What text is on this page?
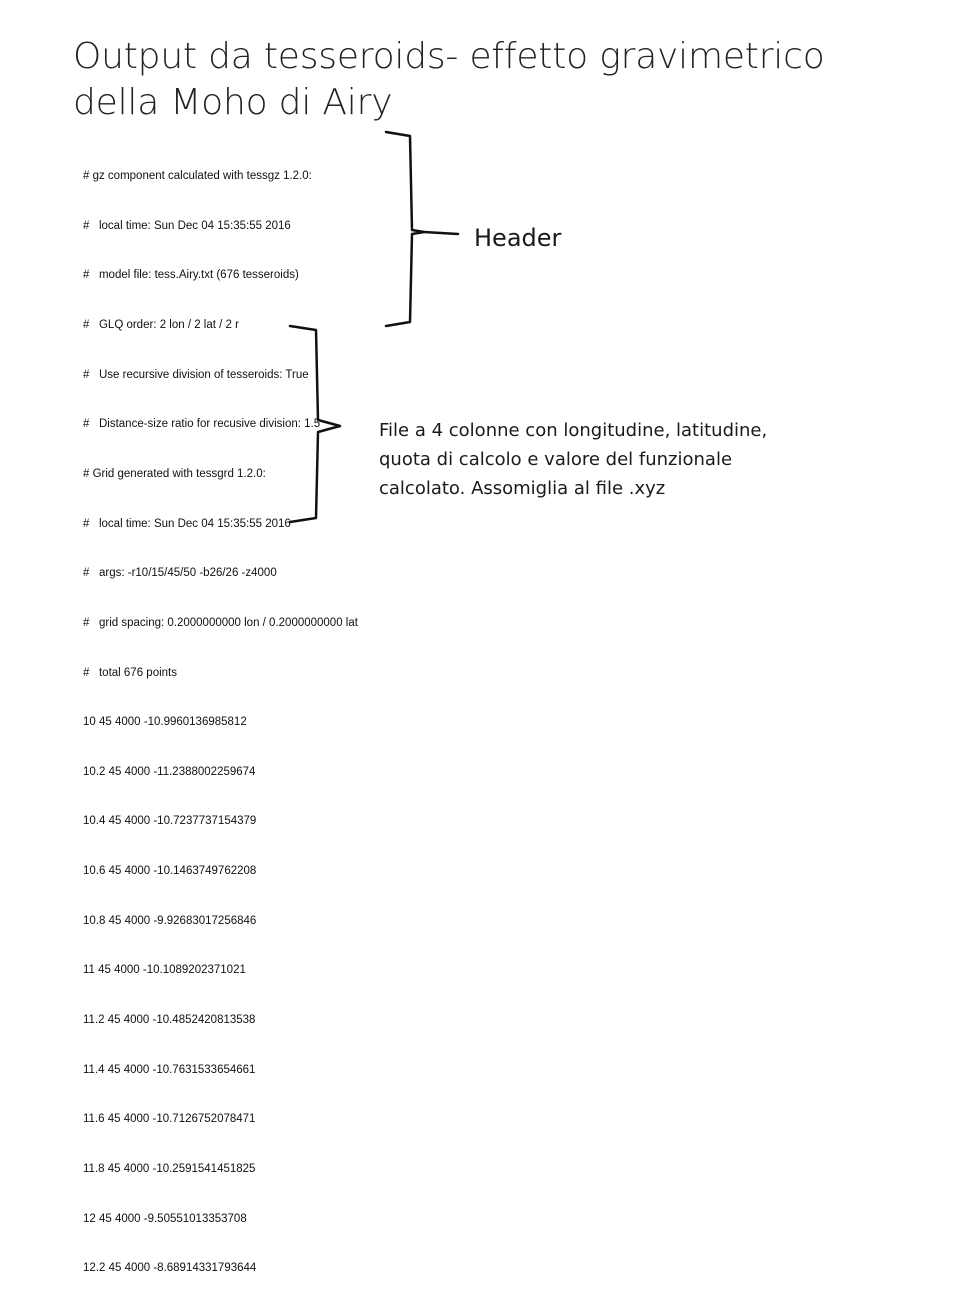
Output da tesseroids- effetto gravimetrico
della Moho di Airy

# gz component calculated with tessgz 1.2.0:

#   local time: Sun Dec 04 15:35:55 2016

#   model file: tess.Airy.txt (676 tesseroids)

#   GLQ order: 2 lon / 2 lat / 2 r

#   Use recursive division of tesseroids: True

#   Distance-size ratio for recusive division: 1.5

# Grid generated with tessgrd 1.2.0:

#   local time: Sun Dec 04 15:35:55 2016

#   args: -r10/15/45/50 -b26/26 -z4000

#   grid spacing: 0.2000000000 lon / 0.2000000000 lat

#   total 676 points

10 45 4000 -10.9960136985812

10.2 45 4000 -11.2388002259674

10.4 45 4000 -10.7237737154379

10.6 45 4000 -10.1463749762208

10.8 45 4000 -9.92683017256846

11 45 4000 -10.1089202371021

11.2 45 4000 -10.4852420813538

11.4 45 4000 -10.7631533654661

11.6 45 4000 -10.7126752078471

11.8 45 4000 -10.2591541451825

12 45 4000 -9.50551013353708

12.2 45 4000 -8.68914331793644

Header
File a 4 colonne con longitudine, latitudine,
quota di calcolo e valore del funzionale
calcolato. Assomiglia al file .xyz
